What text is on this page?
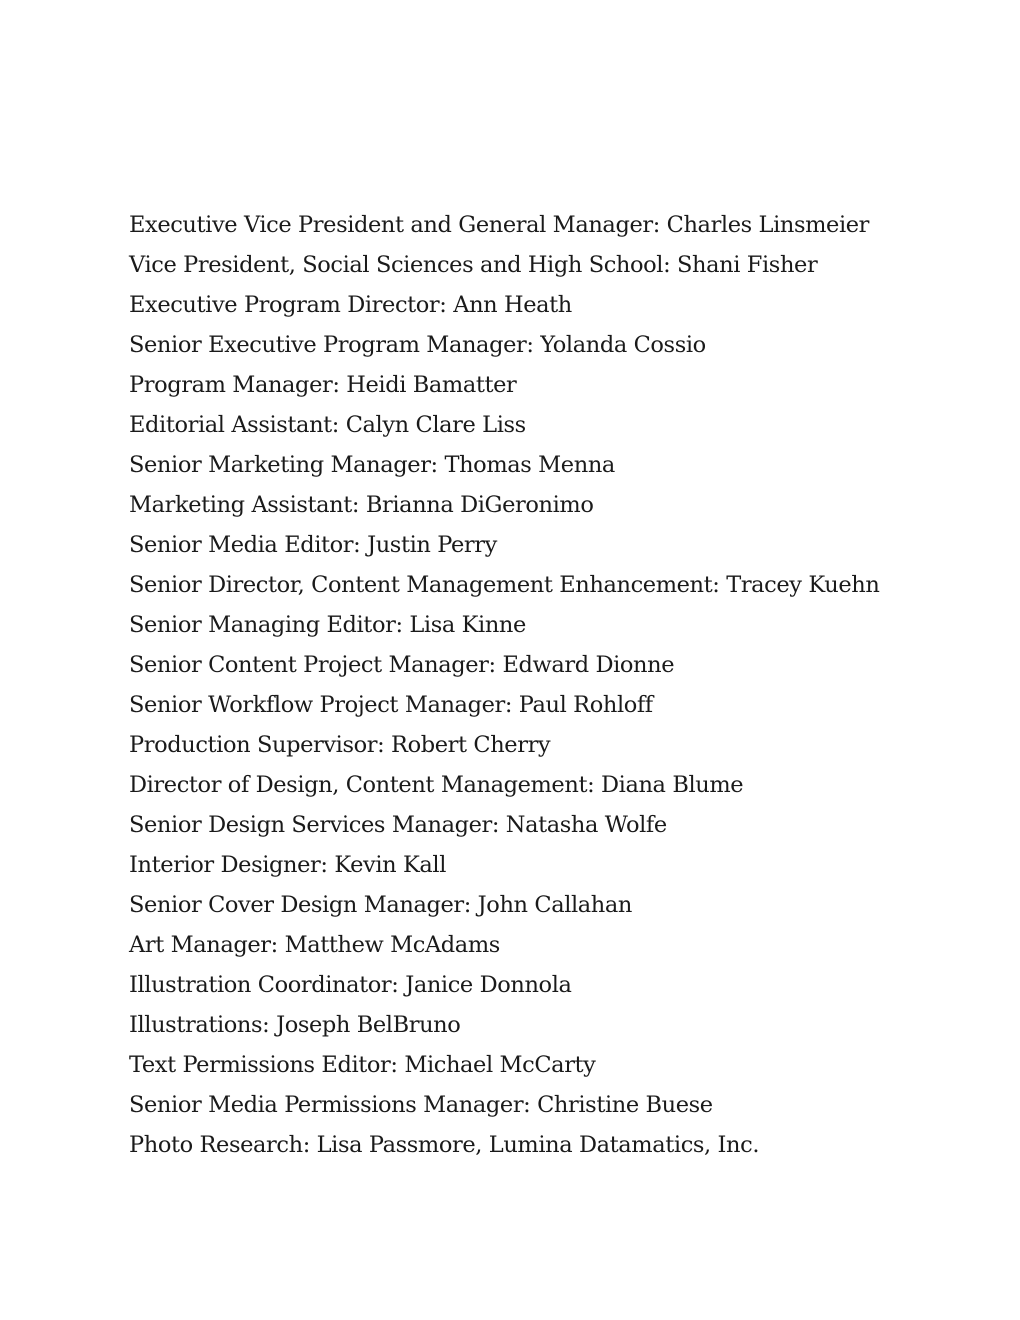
Executive Vice President and General Manager: Charles Linsmeier
Vice President, Social Sciences and High School: Shani Fisher
Executive Program Director: Ann Heath
Senior Executive Program Manager: Yolanda Cossio
Program Manager: Heidi Bamatter
Editorial Assistant: Calyn Clare Liss
Senior Marketing Manager: Thomas Menna
Marketing Assistant: Brianna DiGeronimo
Senior Media Editor: Justin Perry
Senior Director, Content Management Enhancement: Tracey Kuehn
Senior Managing Editor: Lisa Kinne
Senior Content Project Manager: Edward Dionne
Senior Workflow Project Manager: Paul Rohloff
Production Supervisor: Robert Cherry
Director of Design, Content Management: Diana Blume
Senior Design Services Manager: Natasha Wolfe
Interior Designer: Kevin Kall
Senior Cover Design Manager: John Callahan
Art Manager: Matthew McAdams
Illustration Coordinator: Janice Donnola
Illustrations: Joseph BelBruno
Text Permissions Editor: Michael McCarty
Senior Media Permissions Manager: Christine Buese
Photo Research: Lisa Passmore, Lumina Datamatics, Inc.
